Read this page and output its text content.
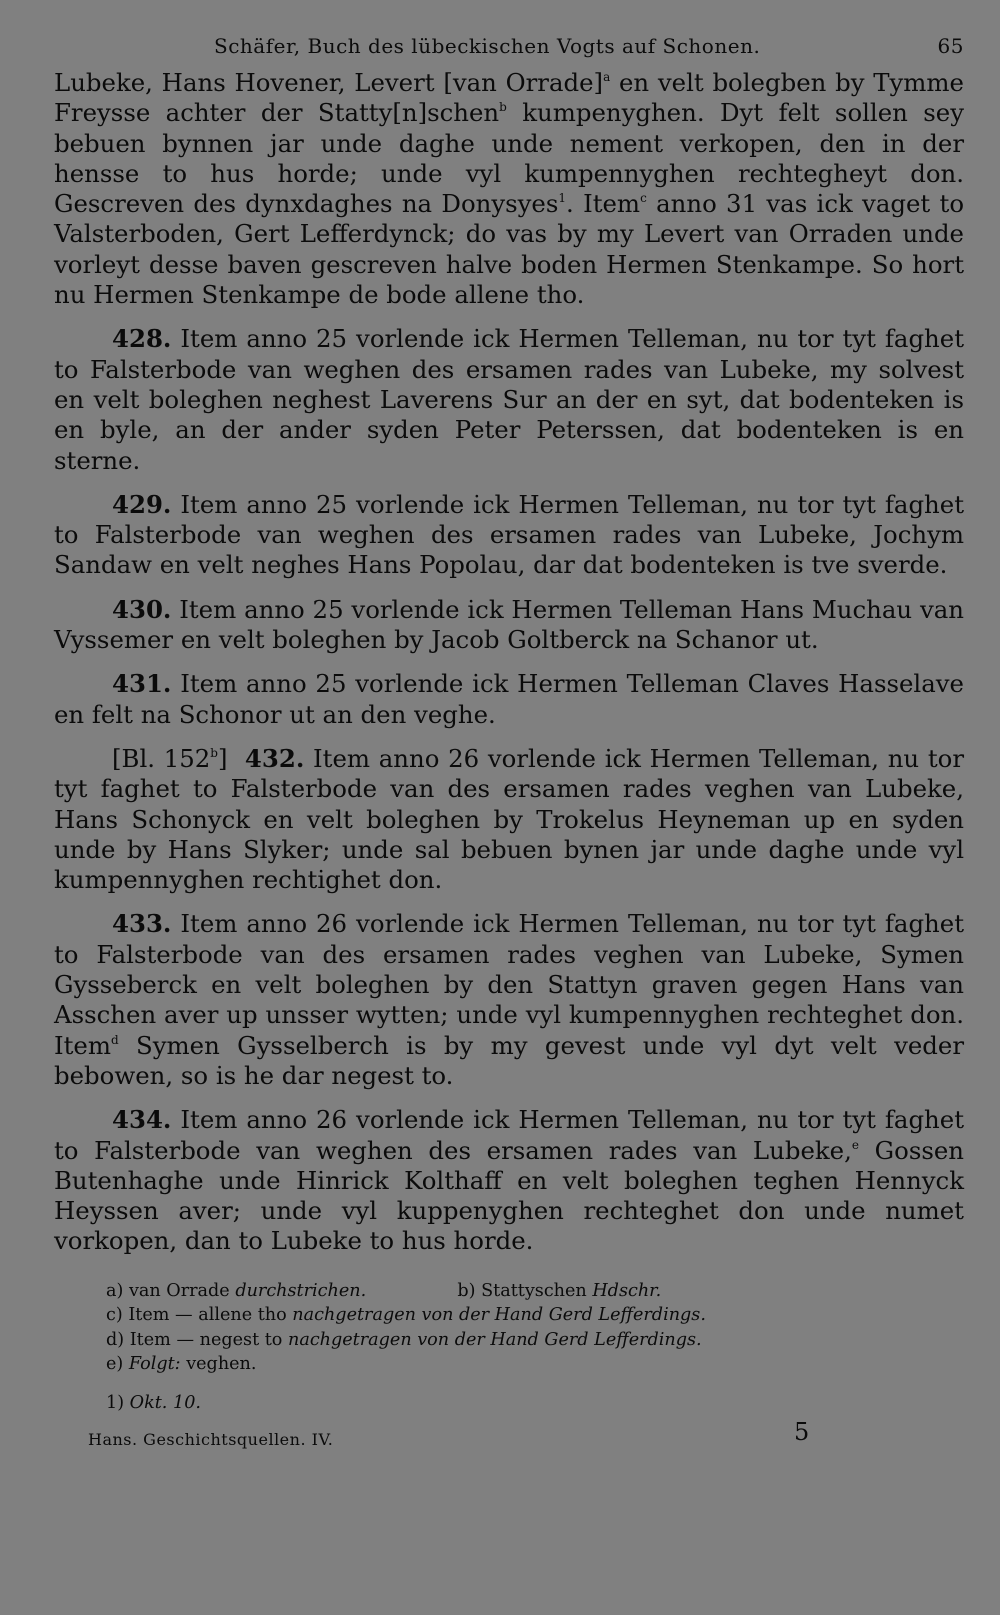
Schäfer, Buch des lübeckischen Vogts auf Schonen.	65

Lubeke, Hans Hovener, Levert [van Orrade]$^a$ en velt bolegben by Tymme Freysse achter der Statty[n]schen$^b$ kumpenyghen. Dyt felt sollen sey bebuen bynnen jar unde daghe unde nement verkopen, den in der hensse to hus horde; unde vyl kumpennyghen rechtegheyt don. Gescreven des dynxdaghes na Donysyes$^1$. Item$^c$ anno 31 vas ick vaget to Valsterboden, Gert Lefferdynck; do vas by my Levert van Orraden unde vorleyt desse baven gescreven halve boden Hermen Stenkampe. So hort nu Hermen Stenkampe de bode allene tho.

428. Item anno 25 vorlende ick Hermen Telleman, nu tor tyt faghet to Falsterbode van weghen des ersamen rades van Lubeke, my solvest en velt boleghen neghest Laverens Sur an der en syt, dat bodenteken is en byle, an der ander syden Peter Peterssen, dat bodenteken is en sterne.

429. Item anno 25 vorlende ick Hermen Telleman, nu tor tyt faghet to Falsterbode van weghen des ersamen rades van Lubeke, Jochym Sandaw en velt neghes Hans Popolau, dar dat bodenteken is tve sverde.

430. Item anno 25 vorlende ick Hermen Telleman Hans Muchau van Vyssemer en velt boleghen by Jacob Goltberck na Schanor ut.

431. Item anno 25 vorlende ick Hermen Telleman Claves Hasselave en felt na Schonor ut an den veghe.

[Bl. 152$^b$] 432. Item anno 26 vorlende ick Hermen Telleman, nu tor tyt faghet to Falsterbode van des ersamen rades veghen van Lubeke, Hans Schonyck en velt boleghen by Trokelus Heyneman up en syden unde by Hans Slyker; unde sal bebuen bynen jar unde daghe unde vyl kumpennyghen rechtighet don.

433. Item anno 26 vorlende ick Hermen Telleman, nu tor tyt faghet to Falsterbode van des ersamen rades veghen van Lubeke, Symen Gysseberck en velt boleghen by den Stattyn graven gegen Hans van Asschen aver up unsser wytten; unde vyl kumpennyghen rechteghet don. Item$^d$ Symen Gysselberch is by my gevest unde vyl dyt velt veder bebowen, so is he dar negest to.

434. Item anno 26 vorlende ick Hermen Telleman, nu tor tyt faghet to Falsterbode van weghen des ersamen rades van Lubeke,$^e$ Gossen Butenhaghe unde Hinrick Kolthaff en velt boleghen teghen Hennyck Heyssen aver; unde vyl kuppenyghen rechteghet don unde numet vorkopen, dan to Lubeke to hus horde.

a) van Orrade durchstrichen.	b) Stattyschen Hdschr.
c) Item — allene tho nachgetragen von der Hand Gerd Lefferdings.
d) Item — negest to nachgetragen von der Hand Gerd Lefferdings.
e) Folgt: veghen.
1) Okt. 10.
Hans. Geschichtsquellen. IV.	5
